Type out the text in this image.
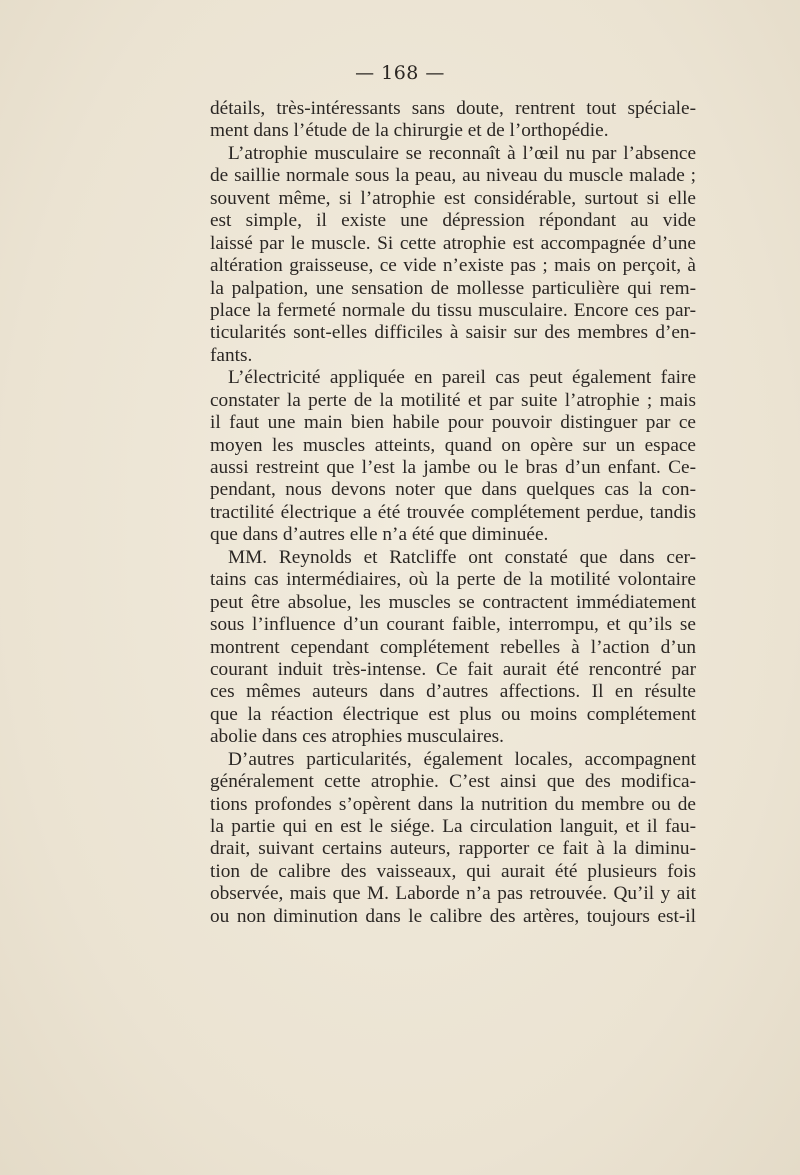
— 168 —
détails, très-intéressants sans doute, rentrent tout spéciale-
ment dans l’étude de la chirurgie et de l’orthopédie.
L’atrophie musculaire se reconnaît à l’œil nu par l’absence
de saillie normale sous la peau, au niveau du muscle malade ;
souvent même, si l’atrophie est considérable, surtout si elle
est simple, il existe une dépression répondant au vide
laissé par le muscle. Si cette atrophie est accompagnée d’une
altération graisseuse, ce vide n’existe pas ; mais on perçoit, à
la palpation, une sensation de mollesse particulière qui rem-
place la fermeté normale du tissu musculaire. Encore ces par-
ticularités sont-elles difficiles à saisir sur des membres d’en-
fants.
L’électricité appliquée en pareil cas peut également faire
constater la perte de la motilité et par suite l’atrophie ; mais
il faut une main bien habile pour pouvoir distinguer par ce
moyen les muscles atteints, quand on opère sur un espace
aussi restreint que l’est la jambe ou le bras d’un enfant. Ce-
pendant, nous devons noter que dans quelques cas la con-
tractilité électrique a été trouvée complétement perdue, tandis
que dans d’autres elle n’a été que diminuée.
MM. Reynolds et Ratcliffe ont constaté que dans cer-
tains cas intermédiaires, où la perte de la motilité volontaire
peut être absolue, les muscles se contractent immédiatement
sous l’influence d’un courant faible, interrompu, et qu’ils se
montrent cependant complétement rebelles à l’action d’un
courant induit très-intense. Ce fait aurait été rencontré par
ces mêmes auteurs dans d’autres affections. Il en résulte
que la réaction électrique est plus ou moins complétement
abolie dans ces atrophies musculaires.
D’autres particularités, également locales, accompagnent
généralement cette atrophie. C’est ainsi que des modifica-
tions profondes s’opèrent dans la nutrition du membre ou de
la partie qui en est le siége. La circulation languit, et il fau-
drait, suivant certains auteurs, rapporter ce fait à la diminu-
tion de calibre des vaisseaux, qui aurait été plusieurs fois
observée, mais que M. Laborde n’a pas retrouvée. Qu’il y ait
ou non diminution dans le calibre des artères, toujours est-il
